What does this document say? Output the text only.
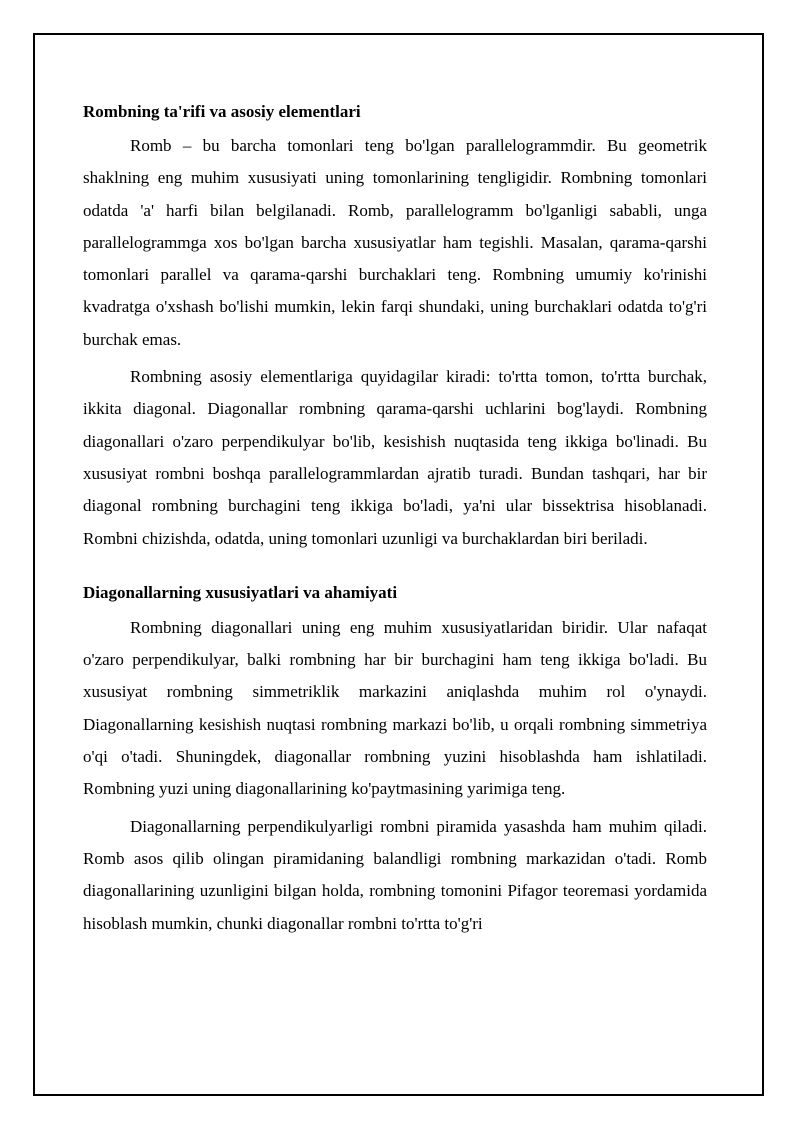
Rombning ta'rifi va asosiy elementlari

Romb – bu barcha tomonlari teng bo'lgan parallelogrammdir. Bu geometrik shaklning eng muhim xususiyati uning tomonlarining tengligidir. Rombning tomonlari odatda 'a' harfi bilan belgilanadi. Romb, parallelogramm bo'lganligi sababli, unga parallelogrammga xos bo'lgan barcha xususiyatlar ham tegishli. Masalan, qarama-qarshi tomonlari parallel va qarama-qarshi burchaklari teng. Rombning umumiy ko'rinishi kvadratga o'xshash bo'lishi mumkin, lekin farqi shundaki, uning burchaklari odatda to'g'ri burchak emas.

Rombning asosiy elementlariga quyidagilar kiradi: to'rtta tomon, to'rtta burchak, ikkita diagonal. Diagonallar rombning qarama-qarshi uchlarini bog'laydi. Rombning diagonallari o'zaro perpendikulyar bo'lib, kesishish nuqtasida teng ikkiga bo'linadi. Bu xususiyat rombni boshqa parallelogrammlardan ajratib turadi. Bundan tashqari, har bir diagonal rombning burchagini teng ikkiga bo'ladi, ya'ni ular bissektrisa hisoblanadi. Rombni chizishda, odatda, uning tomonlari uzunligi va burchaklardan biri beriladi.

Diagonallarning xususiyatlari va ahamiyati

Rombning diagonallari uning eng muhim xususiyatlaridan biridir. Ular nafaqat o'zaro perpendikulyar, balki rombning har bir burchagini ham teng ikkiga bo'ladi. Bu xususiyat rombning simmetriklik markazini aniqlashda muhim rol o'ynaydi. Diagonallarning kesishish nuqtasi rombning markazi bo'lib, u orqali rombning simmetriya o'qi o'tadi. Shuningdek, diagonallar rombning yuzini hisoblashda ham ishlatiladi. Rombning yuzi uning diagonallarining ko'paytmasining yarimiga teng.

Diagonallarning perpendikulyarligi rombni piramida yasashda ham muhim qiladi. Romb asos qilib olingan piramidaning balandligi rombning markazidan o'tadi. Romb diagonallarining uzunligini bilgan holda, rombning tomonini Pifagor teoremasi yordamida hisoblash mumkin, chunki diagonallar rombni to'rtta to'g'ri
